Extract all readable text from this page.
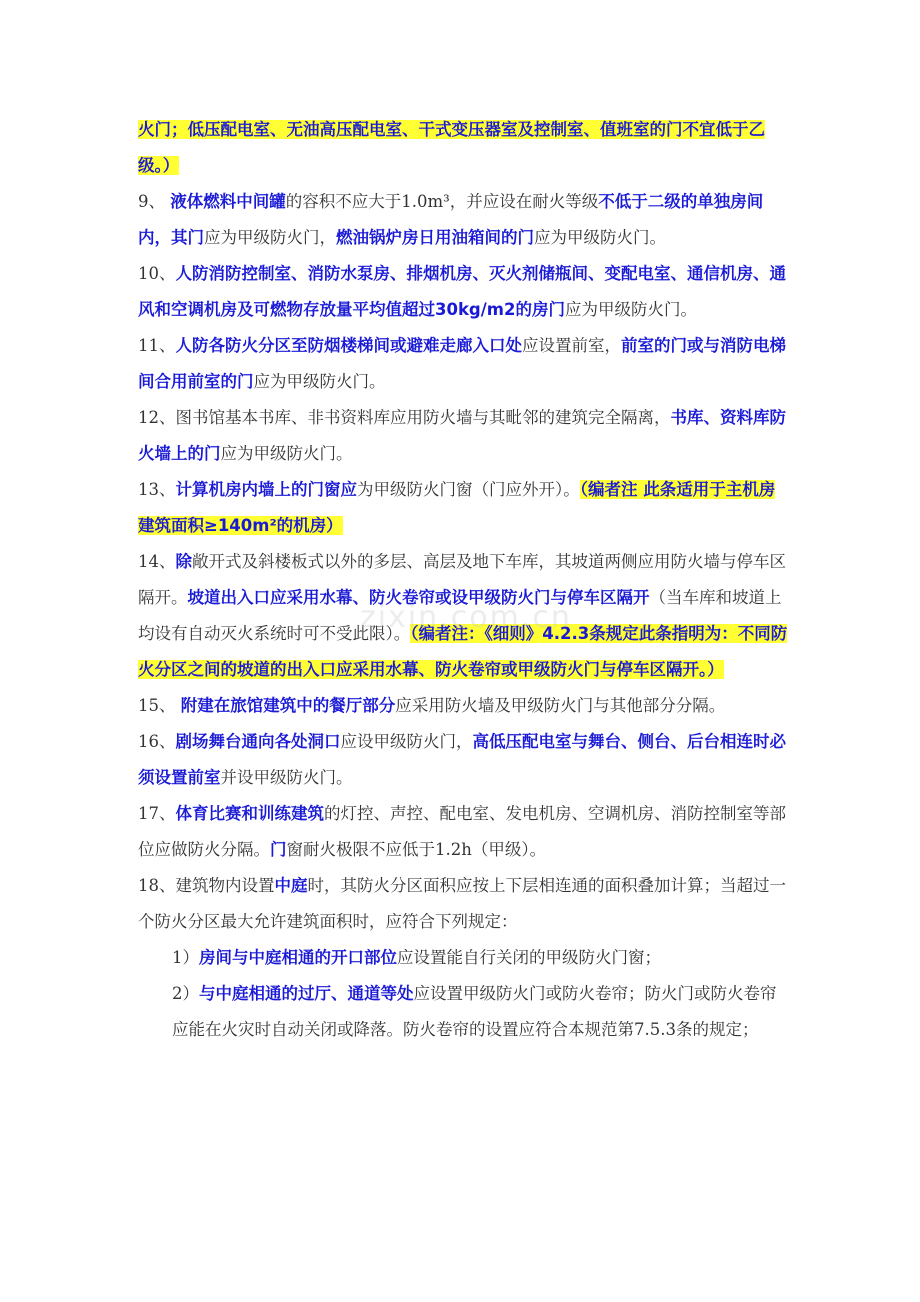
火门；低压配电室、无油高压配电室、干式变压器室及控制室、值班室的门不宜低于乙级。）

9、 液体燃料中间罐的容积不应大于1.0m³，并应设在耐火等级不低于二级的单独房间内，其门应为甲级防火门，燃油锅炉房日用油箱间的门应为甲级防火门。

10、人防消防控制室、消防水泵房、排烟机房、灭火剂储瓶间、变配电室、通信机房、通风和空调机房及可燃物存放量平均值超过30kg/m2的房门应为甲级防火门。

11、人防各防火分区至防烟楼梯间或避难走廊入口处应设置前室，前室的门或与消防电梯间合用前室的门应为甲级防火门。

12、图书馆基本书库、非书资料库应用防火墙与其毗邻的建筑完全隔离，书库、资料库防火墙上的门应为甲级防火门。

13、计算机房内墙上的门窗应为甲级防火门窗（门应外开）。（编者注 此条适用于主机房建筑面积≥140m²的机房）

14、除敞开式及斜楼板式以外的多层、高层及地下车库，其坡道两侧应用防火墙与停车区隔开。坡道出入口应采用水幕、防火卷帘或设甲级防火门与停车区隔开（当车库和坡道上均设有自动灭火系统时可不受此限）。（编者注：《细则》4.2.3条规定此条指明为：不同防火分区之间的坡道的出入口应采用水幕、防火卷帘或甲级防火门与停车区隔开。）

15、 附建在旅馆建筑中的餐厅部分应采用防火墙及甲级防火门与其他部分分隔。

16、剧场舞台通向各处洞口应设甲级防火门，高低压配电室与舞台、侧台、后台相连时必须设置前室并设甲级防火门。

17、体育比赛和训练建筑的灯控、声控、配电室、发电机房、空调机房、消防控制室等部位应做防火分隔。门窗耐火极限不应低于1.2h（甲级）。

18、建筑物内设置中庭时，其防火分区面积应按上下层相连通的面积叠加计算；当超过一个防火分区最大允许建筑面积时，应符合下列规定：

1）房间与中庭相通的开口部位应设置能自行关闭的甲级防火门窗；

2）与中庭相通的过厅、通道等处应设置甲级防火门或防火卷帘；防火门或防火卷帘应能在火灾时自动关闭或降落。防火卷帘的设置应符合本规范第7.5.3条的规定；

zixin.com.cn
